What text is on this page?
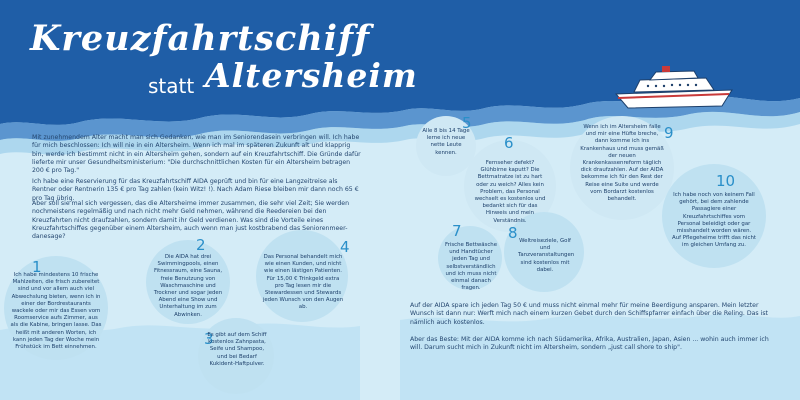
Kreuzfahrtschiff
statt Altersheim
Mit zunehmendem Alter macht man sich Gedanken, wie man im Seniorendasein verbringen will. Ich habe für mich beschlossen: Ich will nie in ein Altersheim. Wenn ich mal im späteren Zukunft alt und klapprig bin, werde ich bestimmt nicht in ein Altersheim gehen, sondern auf ein Kreuzfahrtschiff. Die Gründe dafür lieferte mir unser Gesundheitsministerium: "Die durchschnittlichen Kosten für ein Altersheim betragen 200 € pro Tag."
Ich habe eine Reservierung für das Kreuzfahrtschiff AIDA geprüft und bin für eine Langzeitreise als Rentner oder Rentnerin 135 € pro Tag zahlen (kein Witz! !). Nach Adam Riese bleiben mir dann noch 65 € pro Tag übrig.
Aber soll sie mal sich vergessen, das die Altersheime immer zusammen, die sehr viel Zeit; Sie werden nochmeistens regelmäßig und nach nicht mehr Geld nehmen, während die Reedereien bei den Kreuzfahrten nicht draufzahlen, sondern damit ihr Geld verdienen. Was sind die Vorteile eines Kreuzfahrtschiffes gegenüber einem Altersheim, auch wenn man just kostbrabend das Seniorenmeer-danesage?
1
Ich habe mindestens 10 frische Mahlzeiten, die frisch zubereitet sind und vor allem auch viel Abwechslung bieten, wenn ich in einer der Bordrestaurants wackele oder mir das Essen vom Roomservice aufs Zimmer, aus als die Kabine, bringen lasse. Das heißt mit anderen Worten, ich kann jeden Tag der Woche mein Frühstück im Bett einnehmen.
2
Die AIDA hat drei Swimmingpools, einen Fitnessraum, eine Sauna, freie Benutzung von Waschmaschine und Trockner und sogar jeden Abend eine Show und Unterhaltung im zum Abwinken.
3
Es gibt auf dem Schiff kostenlos Zahnpasta, Seife und Shampoo, und bei Bedarf Kukident-Haftpulver.
4
Das Personal behandelt mich wie einen Kunden, und nicht wie einen lästigen Patienten. Für 15,00 € Trinkgeld extra pro Tag lesen mir die Stewardessen und Stewards jeden Wunsch von den Augen ab.
5
Alle 8 bis 14 Tage lerne ich neue nette Leute kennen.
6
Fernseher defekt? Glühbirne kaputt? Die Bettmatratze ist zu hart oder zu weich? Alles kein Problem, das Personal wechselt es kostenlos und bedankt sich für das Hinweis und mein Verständnis.
7
Frische Bettwäsche und Handtücher jeden Tag und selbstverständlich und ich muss nicht einmal danach fragen.
8 Weltreiseziele, Golf und Tanzveranstaltungen sind kostenlos mit dabei.
9
Wenn ich im Altersheim falle und mir eine Hüfte breche, dann komme ich ins Krankenhaus und muss gemäß der neuen Krankenkassenreform täglich dick draufzahlen. Auf der AIDA bekomme ich für den Rest der Reise eine Suite und werde vom Bordarzt kostenlos behandelt.
10
Ich habe noch von keinem Fall gehört, bei dem zahlende Passagiere einer Kreuzfahrtschiffes vom Personal beleidigt oder gar misshandelt worden wären. Auf Pflegeheime trifft das nicht im gleichen Umfang zu.
Auf der AIDA spare ich jeden Tag 50 € und muss nicht einmal mehr für meine Beerdigung ansparen. Mein letzter Wunsch ist dann nur: Werft mich nach einem kurzen Gebet durch den Schiffspfarrer einfach über die Reling. Das ist nämlich auch kostenlos.
Aber das Beste: Mit der AIDA komme ich nach Südamerika, Afrika, Australien, Japan, Asien ... wohin auch immer ich will. Darum sucht mich in Zukunft nicht im Altersheim, sondern „just call shore to ship".
